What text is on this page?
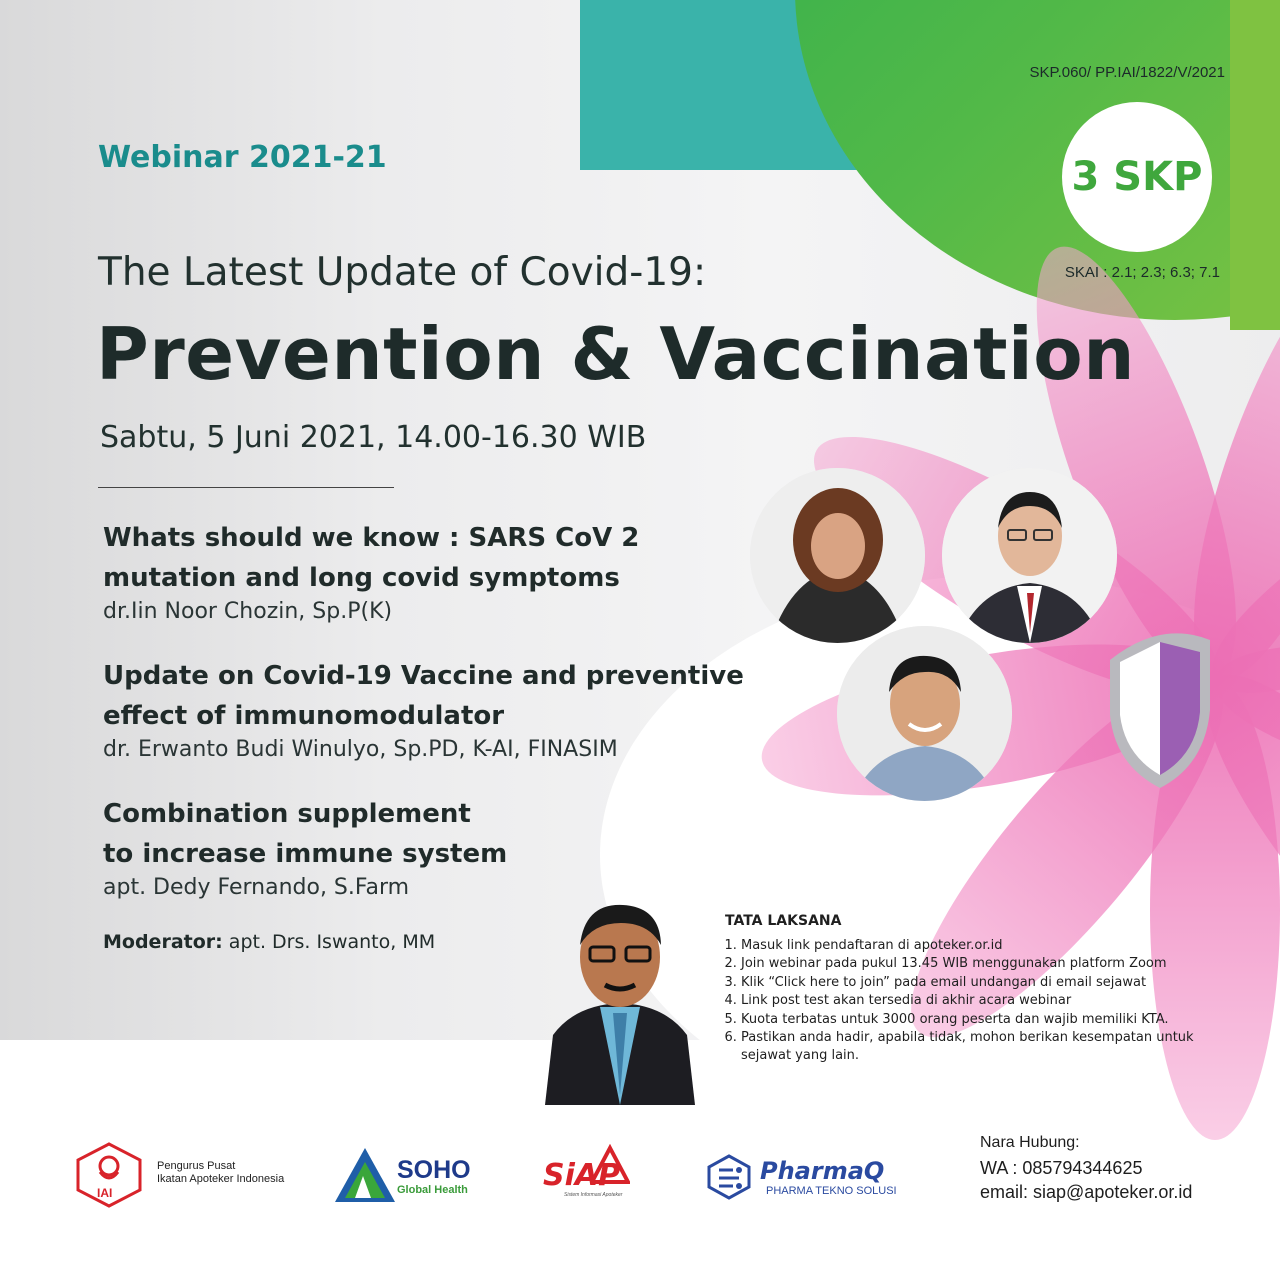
SKP.060/ PP.IAI/1822/V/2021
3 SKP
SKAI : 2.1; 2.3; 6.3; 7.1
Webinar 2021-21
The Latest Update of Covid-19:
Prevention & Vaccination
Sabtu, 5 Juni 2021, 14.00-16.30 WIB
Whats should we know : SARS CoV 2
mutation and long covid symptoms
dr.Iin Noor Chozin, Sp.P(K)
Update on Covid-19 Vaccine and preventive
effect of immunomodulator
dr. Erwanto Budi Winulyo, Sp.PD, K-AI, FINASIM
Combination supplement
to increase immune system
apt. Dedy Fernando, S.Farm
Moderator: apt. Drs. Iswanto, MM
TATA LAKSANA
1. Masuk link pendaftaran di apoteker.or.id
2. Join webinar pada pukul 13.45 WIB menggunakan platform Zoom
3. Klik “Click here to join” pada email undangan di email sejawat
4. Link post test akan tersedia di akhir acara webinar
5. Kuota terbatas untuk 3000 orang peserta dan wajib memiliki KTA.
6. Pastikan anda hadir, apabila tidak, mohon berikan kesempatan untuk sejawat yang lain.
IAI
Pengurus Pusat
Ikatan Apoteker Indonesia	SOHO
Global Health	SiAP
Sistem Informasi Apoteker
PharmaQ
PHARMA TEKNO SOLUSI
Nara Hubung:
WA : 085794344625
email: siap@apoteker.or.id
